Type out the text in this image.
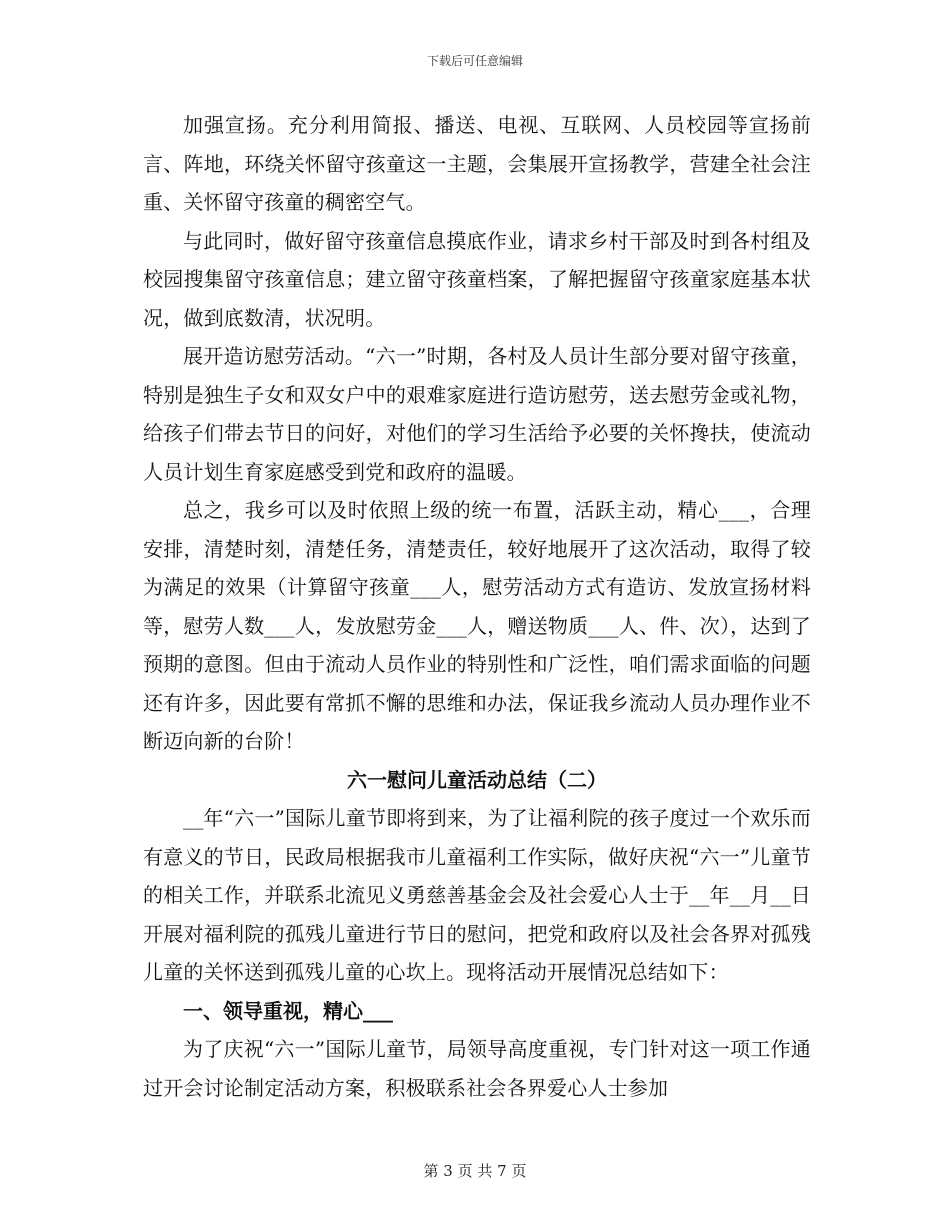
下载后可任意编辑

加强宣扬。充分利用简报、播送、电视、互联网、人员校园等宣扬前言、阵地，环绕关怀留守孩童这一主题，会集展开宣扬教学，营建全社会注重、关怀留守孩童的稠密空气。

与此同时，做好留守孩童信息摸底作业，请求乡村干部及时到各村组及校园搜集留守孩童信息；建立留守孩童档案，了解把握留守孩童家庭基本状况，做到底数清，状况明。

展开造访慰劳活动。“六一”时期，各村及人员计生部分要对留守孩童，特别是独生子女和双女户中的艰难家庭进行造访慰劳，送去慰劳金或礼物，给孩子们带去节日的问好，对他们的学习生活给予必要的关怀搀扶，使流动人员计划生育家庭感受到党和政府的温暖。

总之，我乡可以及时依照上级的统一布置，活跃主动，精心___，合理安排，清楚时刻，清楚任务，清楚责任，较好地展开了这次活动，取得了较为满足的效果（计算留守孩童___人，慰劳活动方式有造访、发放宣扬材料等，慰劳人数___人，发放慰劳金___人，赠送物质___人、件、次），达到了预期的意图。但由于流动人员作业的特别性和广泛性，咱们需求面临的问题还有许多，因此要有常抓不懈的思维和办法，保证我乡流动人员办理作业不断迈向新的台阶！

六一慰问儿童活动总结（二）

__年“六一”国际儿童节即将到来，为了让福利院的孩子度过一个欢乐而有意义的节日，民政局根据我市儿童福利工作实际，做好庆祝“六一”儿童节的相关工作，并联系北流见义勇慈善基金会及社会爱心人士于__年__月__日开展对福利院的孤残儿童进行节日的慰问，把党和政府以及社会各界对孤残儿童的关怀送到孤残儿童的心坎上。现将活动开展情况总结如下：

一、领导重视，精心___

为了庆祝“六一”国际儿童节，局领导高度重视，专门针对这一项工作通过开会讨论制定活动方案，积极联系社会各界爱心人士参加

第 3 页 共 7 页
